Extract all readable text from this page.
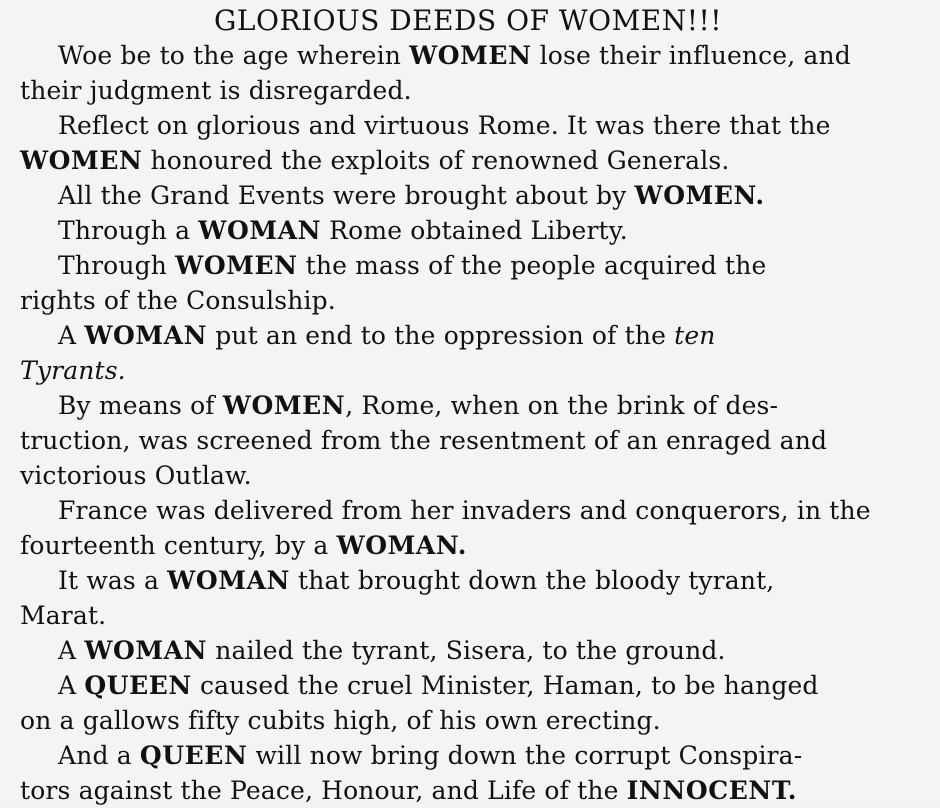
GLORIOUS DEEDS OF WOMEN!!!

Woe be to the age wherein WOMEN lose their influence, and
their judgment is disregarded.

Reflect on glorious and virtuous Rome. It was there that the
WOMEN honoured the exploits of renowned Generals.

All the Grand Events were brought about by WOMEN.

Through a WOMAN Rome obtained Liberty.

Through WOMEN the mass of the people acquired the
rights of the Consulship.

A WOMAN put an end to the oppression of the ten
Tyrants.

By means of WOMEN, Rome, when on the brink of des-
truction, was screened from the resentment of an enraged and
victorious Outlaw.

France was delivered from her invaders and conquerors, in the
fourteenth century, by a WOMAN.

It was a WOMAN that brought down the bloody tyrant,
Marat.

A WOMAN nailed the tyrant, Sisera, to the ground.

A QUEEN caused the cruel Minister, Haman, to be hanged
on a gallows fifty cubits high, of his own erecting.

And a QUEEN will now bring down the corrupt Conspira-
tors against the Peace, Honour, and Life of the INNOCENT.
